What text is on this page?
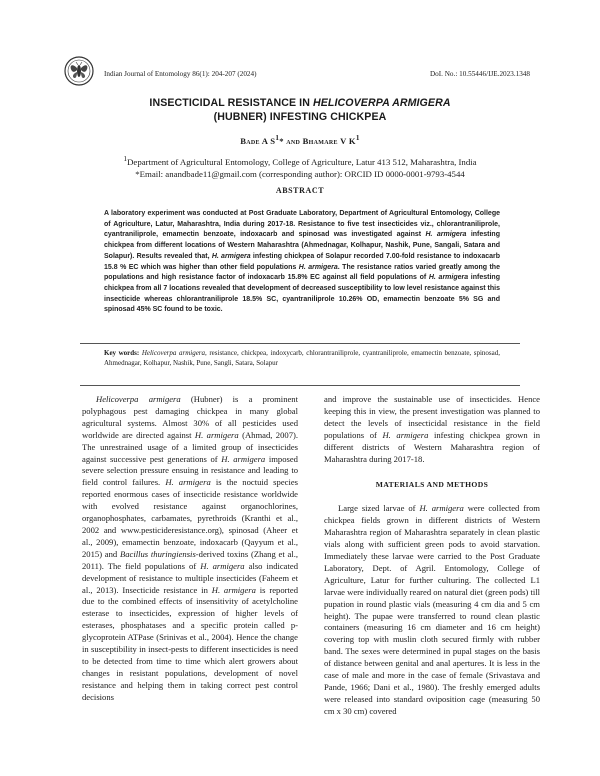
Indian Journal of Entomology 86(1): 204-207 (2024)	DoI. No.: 10.55446/IJE.2023.1348
INSECTICIDAL RESISTANCE IN HELICOVERPA ARMIGERA
(HUBNER) INFESTING CHICKPEA
Bade A $S^1*$ and Bhamare V $K^1$
$^1$Department of Agricultural Entomology, College of Agriculture, Latur 413 512, Maharashtra, India
*Email: anandbade11@gmail.com (corresponding author): ORCID ID 0000-0001-9793-4544
ABSTRACT
A laboratory experiment was conducted at Post Graduate Laboratory, Department of Agricultural Entomology, College of Agriculture, Latur, Maharashtra, India during 2017-18. Resistance to five test insecticides viz., chlorantraniliprole, cyantraniliprole, emamectin benzoate, indoxacarb and spinosad was investigated against H. armigera infesting chickpea from different locations of Western Maharashtra (Ahmednagar, Kolhapur, Nashik, Pune, Sangali, Satara and Solapur). Results revealed that, H. armigera infesting chickpea of Solapur recorded 7.00-fold resistance to indoxacarb 15.8 % EC which was higher than other field populations H. armigera. The resistance ratios varied greatly among the populations and high resistance factor of indoxacarb 15.8% EC against all field populations of H. armigera infesting chickpea from all 7 locations revealed that development of decreased susceptibility to low level resistance against this insecticide whereas chlorantraniliprole 18.5% SC, cyantraniliprole 10.26% OD, emamectin benzoate 5% SG and spinosad 45% SC found to be toxic.
Key words: Helicoverpa armigera, resistance, chickpea, indoxycarb, chlorantraniliprole, cyantraniliprole, emamectin benzoate, spinosad, Ahmednagar, Kolhapur, Nashik, Pune, Sangli, Satara, Solapur

Helicoverpa armigera (Hubner) is a prominent polyphagous pest damaging chickpea in many global agricultural systems. Almost 30% of all pesticides used worldwide are directed against H. armigera (Ahmad, 2007). The unrestrained usage of a limited group of insecticides against successive pest generations of H. armigera imposed severe selection pressure ensuing in resistance and leading to field control failures. H. armigera is the noctuid species reported enormous cases of insecticide resistance worldwide with evolved resistance against organochlorines, organophosphates, carbamates, pyrethroids (Kranthi et al., 2002 and www.pesticideresistance.org), spinosad (Aheer et al., 2009), emamectin benzoate, indoxacarb (Qayyum et al., 2015) and Bacillus thuringiensis-derived toxins (Zhang et al., 2011). The field populations of H. armigera also indicated development of resistance to multiple insecticides (Faheem et al., 2013). Insecticide resistance in H. armigera is reported due to the combined effects of insensitivity of acetylcholine esterase to insecticides, expression of higher levels of esterases, phosphatases and a specific protein called p-glycoprotein ATPase (Srinivas et al., 2004). Hence the change in susceptibility in insect-pests to different insecticides is need to be detected from time to time which alert growers about changes in resistant populations, development of novel resistance and helping them in taking correct pest control decisions

and improve the sustainable use of insecticides. Hence keeping this in view, the present investigation was planned to detect the levels of insecticidal resistance in the field populations of H. armigera infesting chickpea grown in different districts of Western Maharashtra region of Maharashtra during 2017-18.

MATERIALS AND METHODS

Large sized larvae of H. armigera were collected from chickpea fields grown in different districts of Western Maharashtra region of Maharashtra separately in clean plastic vials along with sufficient green pods to avoid starvation. Immediately these larvae were carried to the Post Graduate Laboratory, Dept. of Agril. Entomology, College of Agriculture, Latur for further culturing. The collected L1 larvae were individually reared on natural diet (green pods) till pupation in round plastic vials (measuring 4 cm dia and 5 cm height). The pupae were transferred to round clean plastic containers (measuring 16 cm diameter and 16 cm height) covering top with muslin cloth secured firmly with rubber band. The sexes were determined in pupal stages on the basis of distance between genital and anal apertures. It is less in the case of male and more in the case of female (Srivastava and Pande, 1966; Dani et al., 1980). The freshly emerged adults were released into standard oviposition cage (measuring 50 cm x 30 cm) covered
